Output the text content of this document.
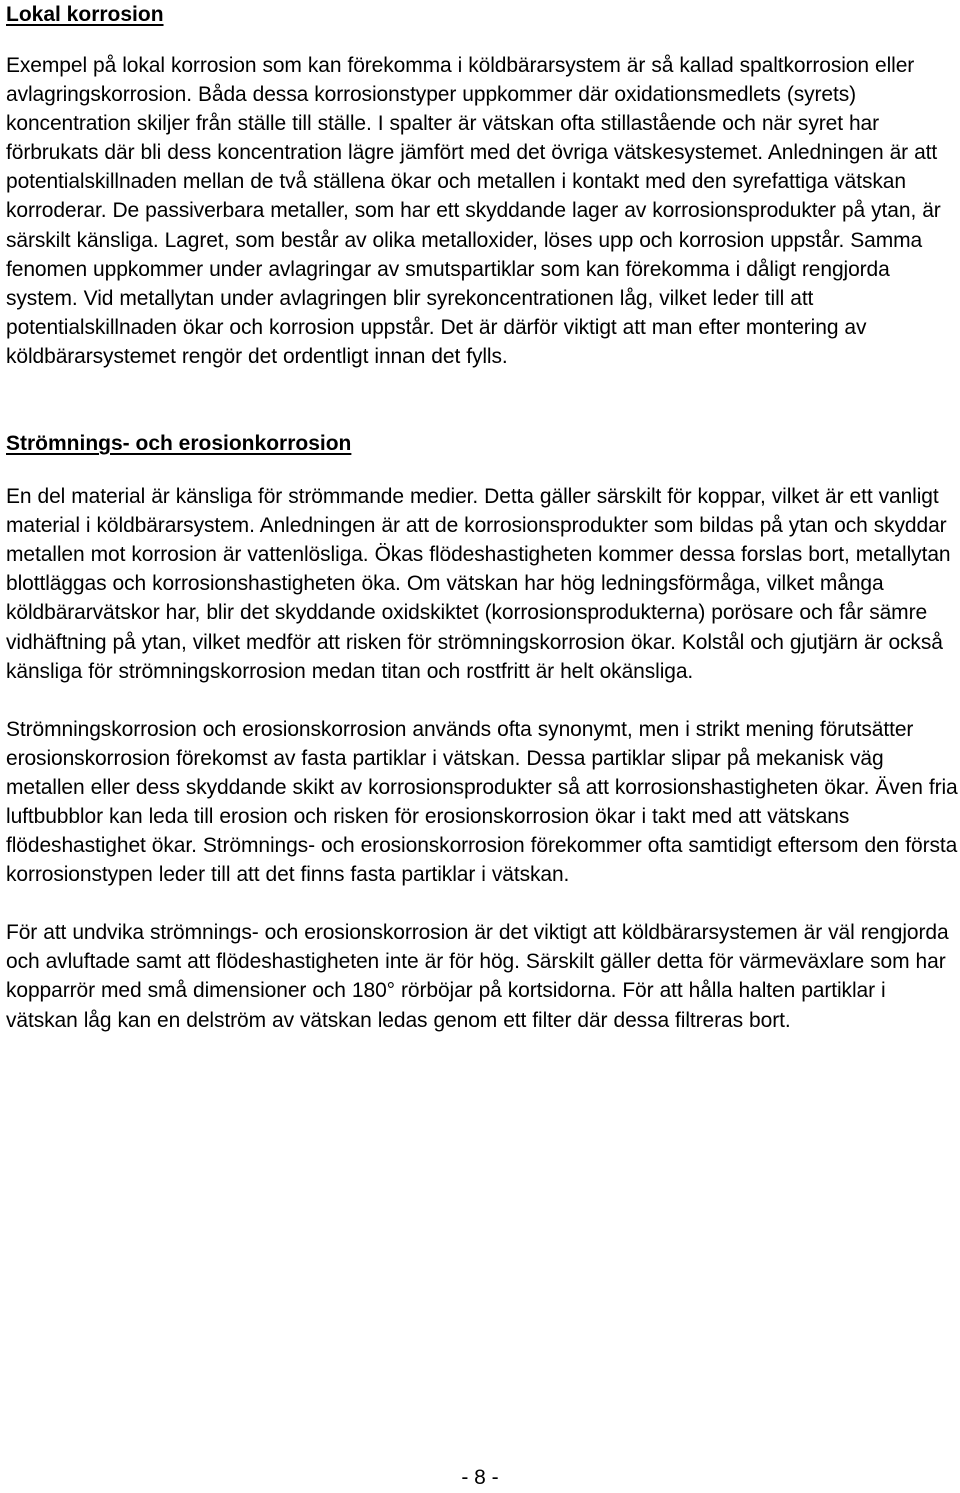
Lokal korrosion

Exempel på lokal korrosion som kan förekomma i köldbärarsystem är så kallad spaltkorrosion eller avlagringskorrosion. Båda dessa korrosionstyper uppkommer där oxidationsmedlets (syrets) koncentration skiljer från ställe till ställe. I spalter är vätskan ofta stillastående och när syret har förbrukats där bli dess koncentration lägre jämfört med det övriga vätskesystemet. Anledningen är att potentialskillnaden mellan de två ställena ökar och metallen i kontakt med den syrefattiga vätskan korroderar. De passiverbara metaller, som har ett skyddande lager av korrosionsprodukter på ytan, är särskilt känsliga. Lagret, som består av olika metalloxider, löses upp och korrosion uppstår. Samma fenomen uppkommer under avlagringar av smutspartiklar som kan förekomma i dåligt rengjorda system. Vid metallytan under avlagringen blir syrekoncentrationen låg, vilket leder till att potentialskillnaden ökar och korrosion uppstår. Det är därför viktigt att man efter montering av köldbärarsystemet rengör det ordentligt innan det fylls.

Strömnings- och erosionkorrosion

En del material är känsliga för strömmande medier. Detta gäller särskilt för koppar, vilket är ett vanligt material i köldbärarsystem. Anledningen är att de korrosionsprodukter som bildas på ytan och skyddar metallen mot korrosion är vattenlösliga. Ökas flödeshastigheten kommer dessa forslas bort, metallytan blottläggas och korrosionshastigheten öka. Om vätskan har hög ledningsförmåga, vilket många köldbärarvätskor har, blir det skyddande oxidskiktet (korrosionsprodukterna) porösare och får sämre vidhäftning på ytan, vilket medför att risken för strömningskorrosion ökar. Kolstål och gjutjärn är också känsliga för strömningskorrosion medan titan och rostfritt är helt okänsliga.

Strömningskorrosion och erosionskorrosion används ofta synonymt, men i strikt mening förutsätter erosionskorrosion förekomst av fasta partiklar i vätskan. Dessa partiklar slipar på mekanisk väg metallen eller dess skyddande skikt av korrosionsprodukter så att korrosionshastigheten ökar. Även fria luftbubblor kan leda till erosion och risken för erosionskorrosion ökar i takt med att vätskans flödeshastighet ökar. Strömnings- och erosionskorrosion förekommer ofta samtidigt eftersom den första korrosionstypen leder till att det finns fasta partiklar i vätskan.

För att undvika strömnings- och erosionskorrosion är det viktigt att köldbärarsystemen är väl rengjorda och avluftade samt att flödeshastigheten inte är för hög. Särskilt gäller detta för värmeväxlare som har kopparrör med små dimensioner och 180° rörböjar på kortsidorna. För att hålla halten partiklar i vätskan låg kan en delström av vätskan ledas genom ett filter där dessa filtreras bort.

- 8 -
